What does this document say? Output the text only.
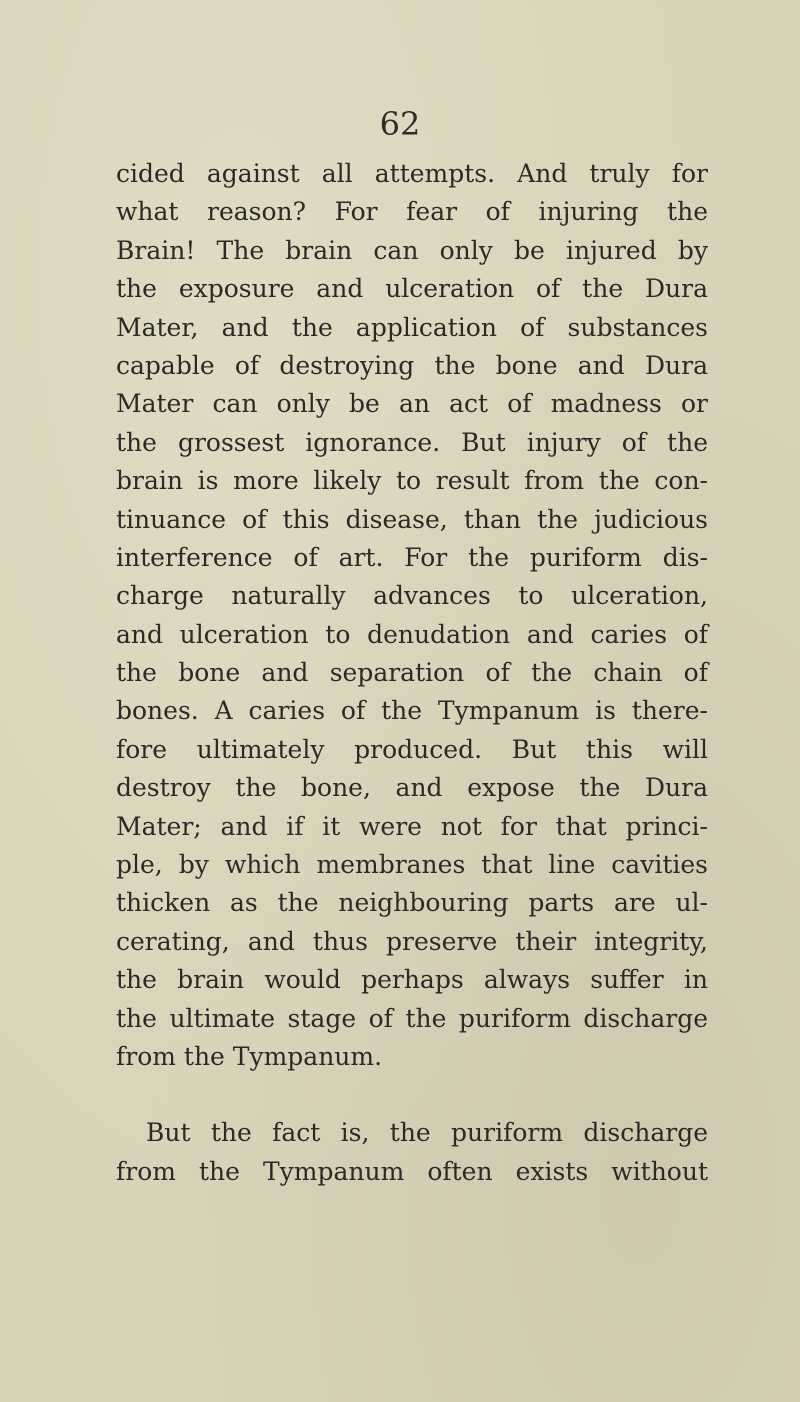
62
cided against all attempts. And truly for
what reason? For fear of injuring the
Brain! The brain can only be injured by
the exposure and ulceration of the Dura
Mater, and the application of substances
capable of destroying the bone and Dura
Mater can only be an act of madness or
the grossest ignorance. But injury of the
brain is more likely to result from the con-
tinuance of this disease, than the judicious
interference of art. For the puriform dis-
charge naturally advances to ulceration,
and ulceration to denudation and caries of
the bone and separation of the chain of
bones. A caries of the Tympanum is there-
fore ultimately produced. But this will
destroy the bone, and expose the Dura
Mater; and if it were not for that princi-
ple, by which membranes that line cavities
thicken as the neighbouring parts are ul-
cerating, and thus preserve their integrity,
the brain would perhaps always suffer in
the ultimate stage of the puriform discharge
from the Tympanum.
But the fact is, the puriform discharge
from the Tympanum often exists without
